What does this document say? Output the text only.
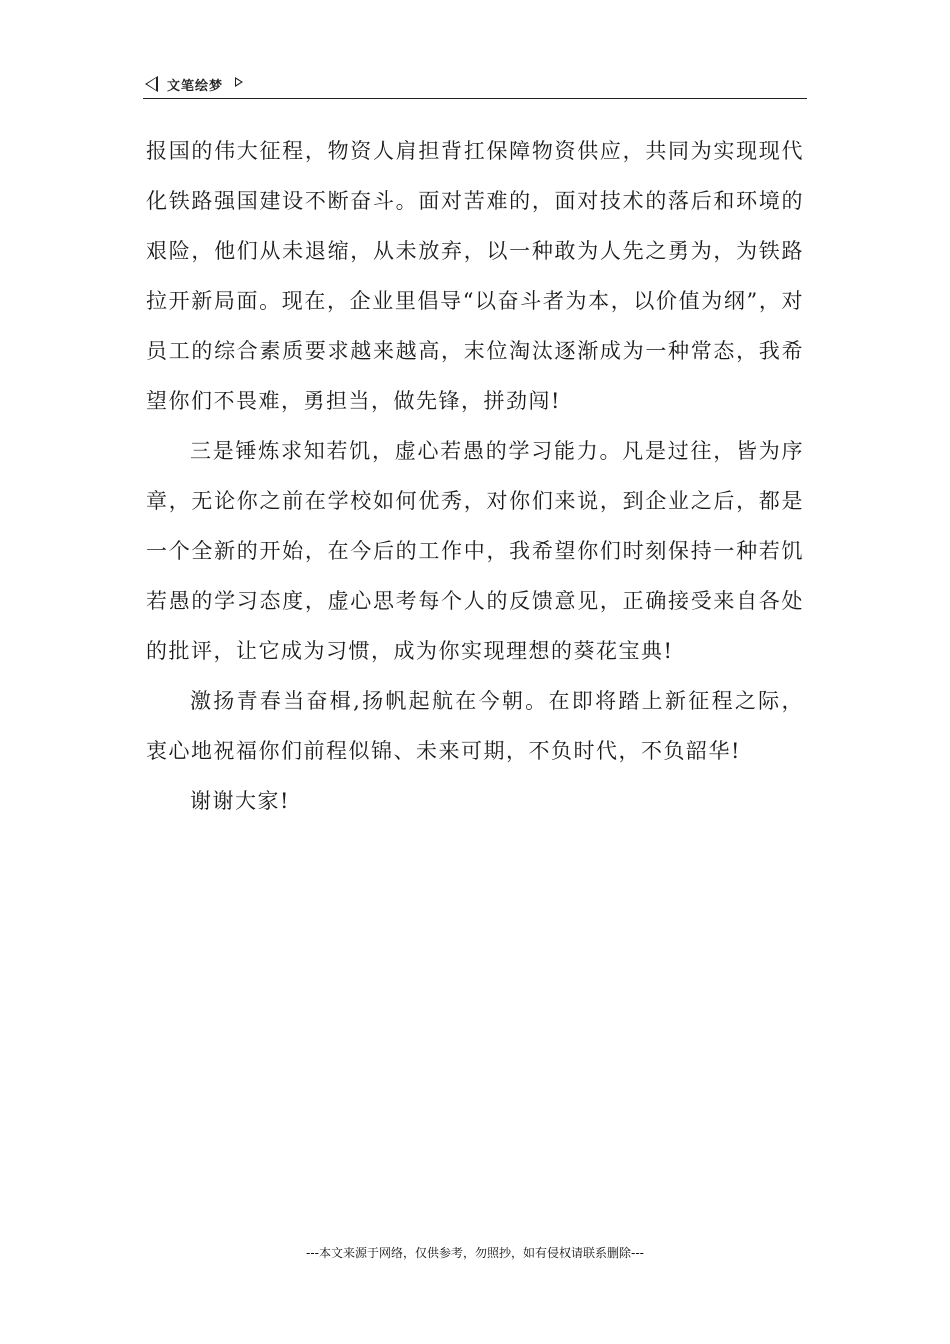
文笔绘梦

报国的伟大征程，物资人肩担背扛保障物资供应，共同为实现现代化铁路强国建设不断奋斗。面对苦难的，面对技术的落后和环境的艰险，他们从未退缩，从未放弃，以一种敢为人先之勇为，为铁路拉开新局面。现在，企业里倡导“以奋斗者为本，以价值为纲”，对员工的综合素质要求越来越高，末位淘汰逐渐成为一种常态，我希望你们不畏难，勇担当，做先锋，拼劲闯!

三是锤炼求知若饥，虚心若愚的学习能力。凡是过往，皆为序章，无论你之前在学校如何优秀，对你们来说，到企业之后，都是一个全新的开始，在今后的工作中，我希望你们时刻保持一种若饥若愚的学习态度，虚心思考每个人的反馈意见，正确接受来自各处的批评，让它成为习惯，成为你实现理想的葵花宝典!

激扬青春当奋楫,扬帆起航在今朝。在即将踏上新征程之际，衷心地祝福你们前程似锦、未来可期，不负时代，不负韶华!

谢谢大家!

---本文来源于网络，仅供参考，勿照抄，如有侵权请联系删除---
